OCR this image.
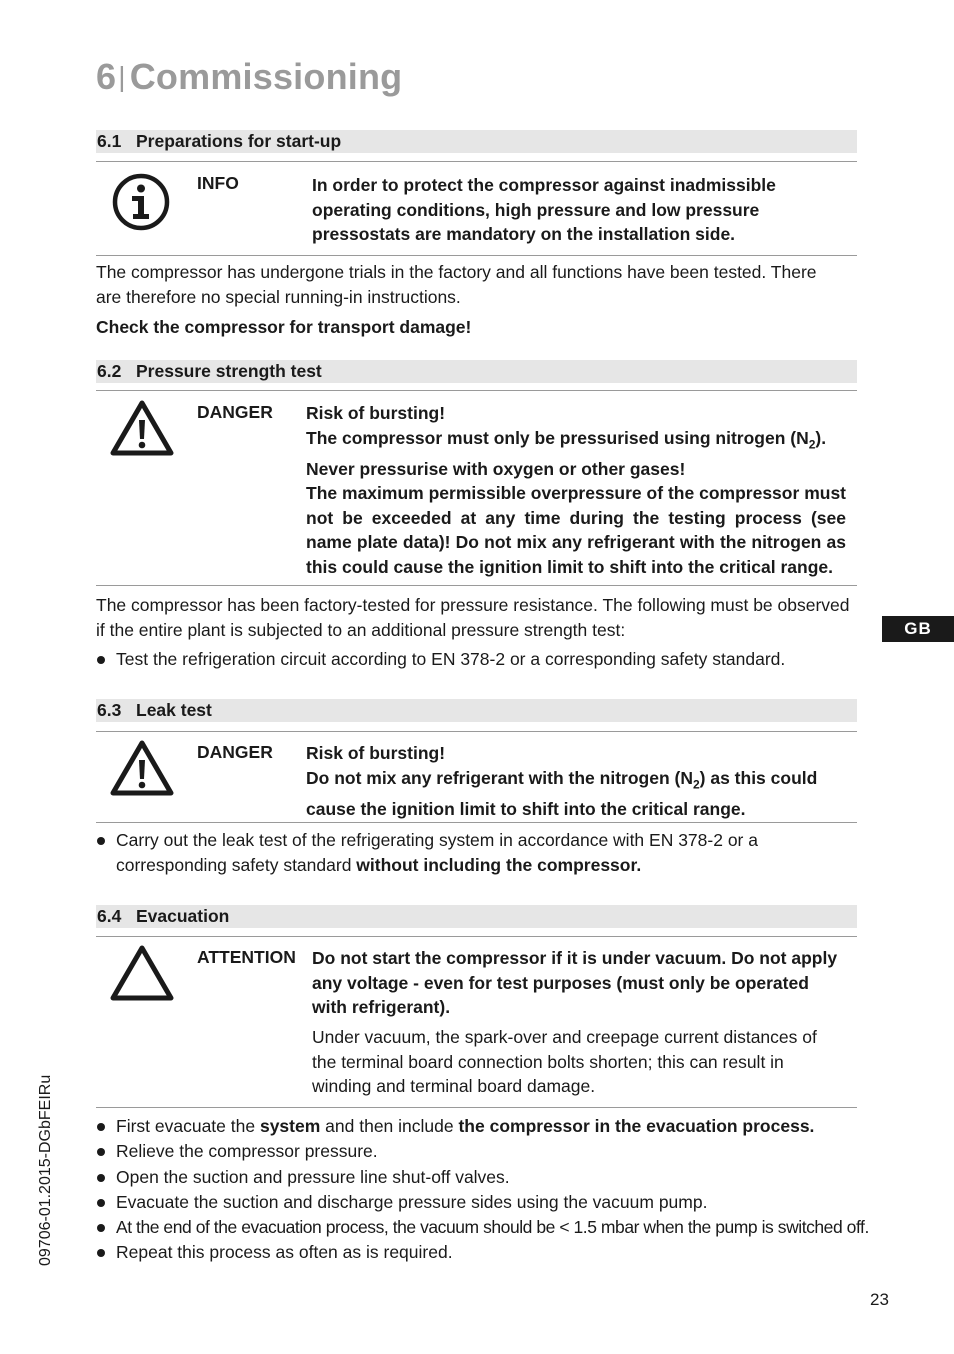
6| Commissioning
6.1 Preparations for start-up
INFO	In order to protect the compressor against inadmissible operating conditions, high pressure and low pressure pressostats are mandatory on the installation side.
The compressor has undergone trials in the factory and all functions have been tested. There are therefore no special running-in instructions.
Check the compressor for transport damage!
6.2 Pressure strength test
DANGER Risk of bursting!
The compressor must only be pressurised using nitrogen $(N_2)$.
Never pressurise with oxygen or other gases!
The maximum permissible overpressure of the compressor must not be exceeded at any time during the testing process (see name plate data)! Do not mix any refrigerant with the nitrogen as this could cause the ignition limit to shift into the critical range.
The compressor has been factory-tested for pressure resistance. The following must be observed if the entire plant is subjected to an additional pressure strength test:
Test the refrigeration circuit according to EN 378-2 or a corresponding safety standard.
GB
6.3 Leak test
DANGER Risk of bursting!
Do not mix any refrigerant with the nitrogen $(N_2)$ as this could cause the ignition limit to shift into the critical range.
Carry out the leak test of the refrigerating system in accordance with EN 378-2 or a corresponding safety standard without including the compressor.
6.4 Evacuation
ATTENTION Do not start the compressor if it is under vacuum. Do not apply any voltage - even for test purposes (must only be operated with refrigerant).
Under vacuum, the spark-over and creepage current distances of the terminal board connection bolts shorten; this can result in winding and terminal board damage.
First evacuate the system and then include the compressor in the evacuation process.
Relieve the compressor pressure.
Open the suction and pressure line shut-off valves.
Evacuate the suction and discharge pressure sides using the vacuum pump.
At the end of the evacuation process, the vacuum should be < 1.5 mbar when the pump is switched off.
Repeat this process as often as is required.
09706-01.2015-DGbFEIRu
23
